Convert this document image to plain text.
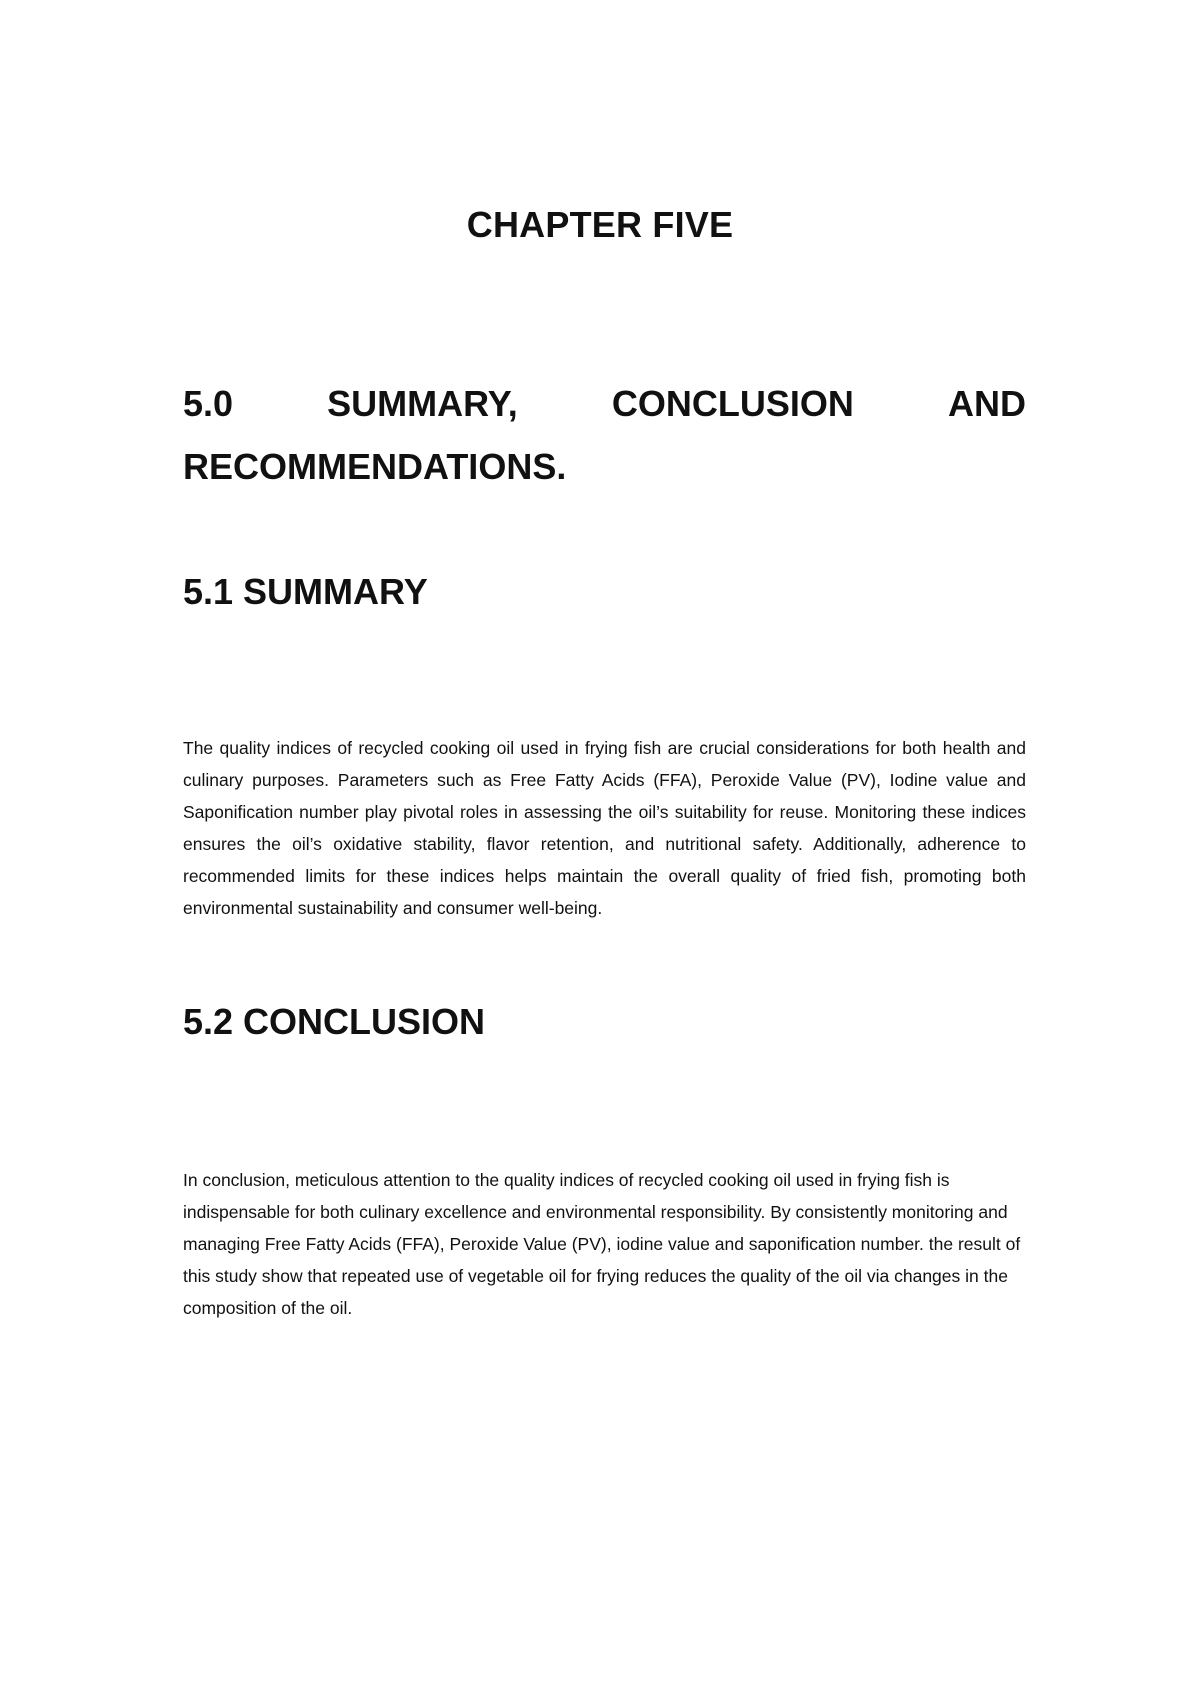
CHAPTER FIVE
5.0	SUMMARY,	CONCLUSION	AND
RECOMMENDATIONS.
5.1 SUMMARY

The quality indices of recycled cooking oil used in frying fish are crucial considerations for both health and culinary purposes. Parameters such as Free Fatty Acids (FFA), Peroxide Value (PV), Iodine value and Saponification number play pivotal roles in assessing the oil’s suitability for reuse. Monitoring these indices ensures the oil’s oxidative stability, flavor retention, and nutritional safety. Additionally, adherence to recommended limits for these indices helps maintain the overall quality of fried fish, promoting both environmental sustainability and consumer well-being.

5.2 CONCLUSION

In conclusion, meticulous attention to the quality indices of recycled cooking oil used in frying fish is indispensable for both culinary excellence and environmental responsibility. By consistently monitoring and managing Free Fatty Acids (FFA), Peroxide Value (PV), iodine value and saponification number. the result of this study show that repeated use of vegetable oil for frying reduces the quality of the oil via changes in the composition of the oil.
